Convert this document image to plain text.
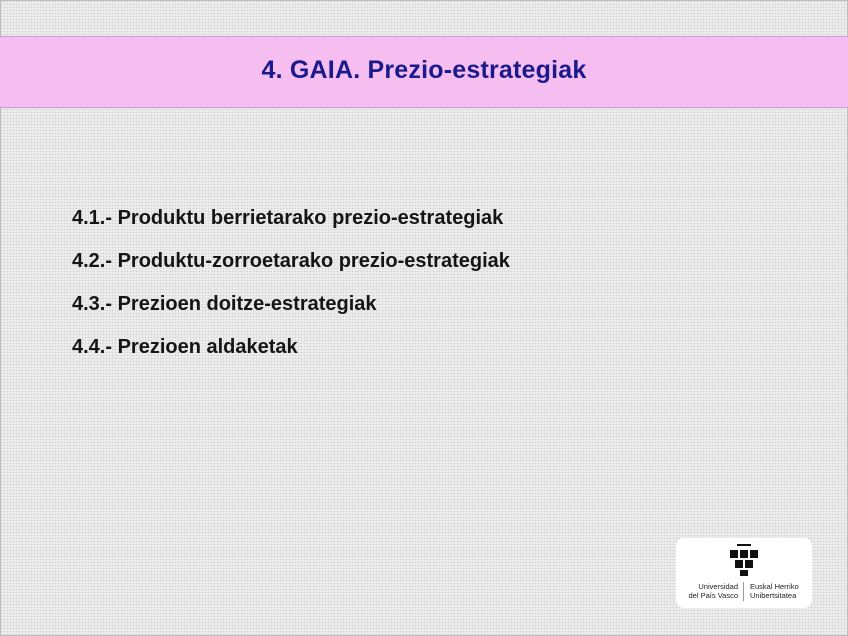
4. GAIA. Prezio-estrategiak
4.1.- Produktu berrietarako prezio-estrategiak
4.2.- Produktu-zorroetarako prezio-estrategiak
4.3.- Prezioen doitze-estrategiak
4.4.- Prezioen aldaketak
Universidad
del País Vasco
Euskal Herriko
Unibertsitatea
